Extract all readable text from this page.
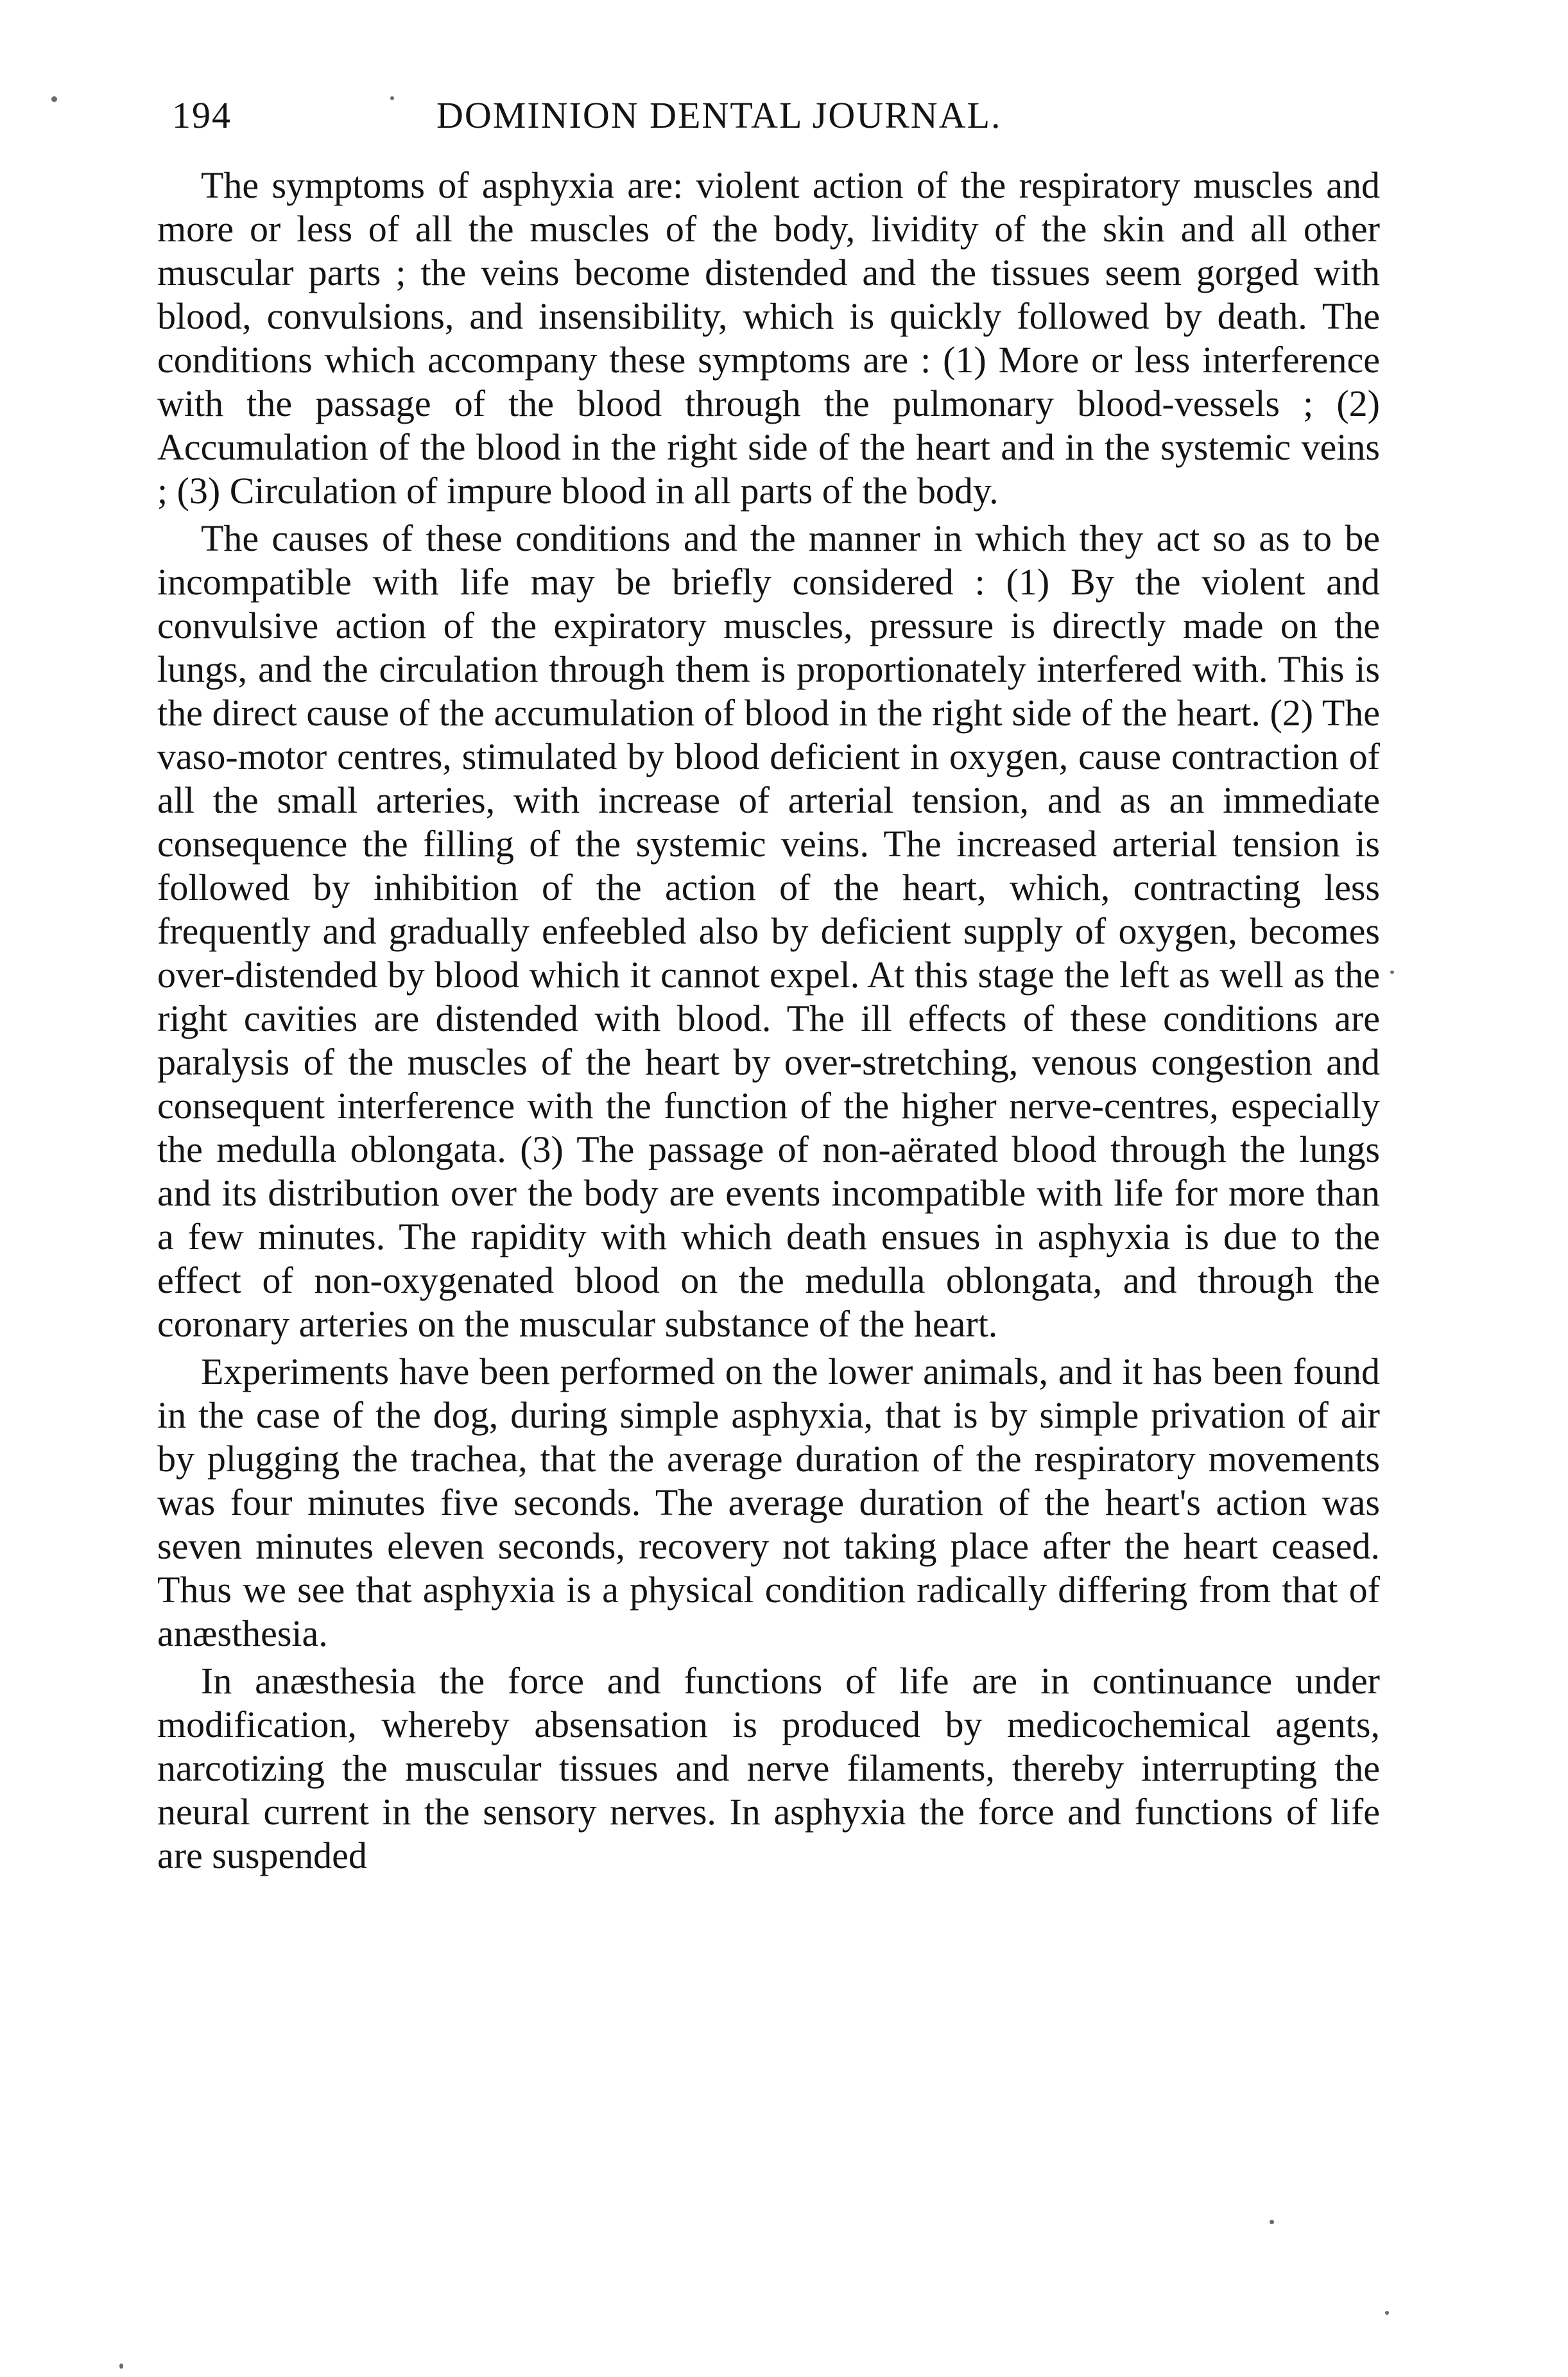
194	DOMINION DENTAL JOURNAL.

The symptoms of asphyxia are: violent action of the respiratory muscles and more or less of all the muscles of the body, lividity of the skin and all other muscular parts ; the veins become distended and the tissues seem gorged with blood, convulsions, and insensibility, which is quickly followed by death. The conditions which accompany these symptoms are : (1) More or less interference with the passage of the blood through the pulmonary blood-vessels ; (2) Accumulation of the blood in the right side of the heart and in the systemic veins ; (3) Circulation of impure blood in all parts of the body.

The causes of these conditions and the manner in which they act so as to be incompatible with life may be briefly considered : (1) By the violent and convulsive action of the expiratory muscles, pressure is directly made on the lungs, and the circulation through them is proportionately interfered with. This is the direct cause of the accumulation of blood in the right side of the heart. (2) The vaso-motor centres, stimulated by blood deficient in oxygen, cause contraction of all the small arteries, with increase of arterial tension, and as an immediate consequence the filling of the systemic veins. The increased arterial tension is followed by inhibition of the action of the heart, which, contracting less frequently and gradually enfeebled also by deficient supply of oxygen, becomes over-distended by blood which it cannot expel. At this stage the left as well as the right cavities are distended with blood. The ill effects of these conditions are paralysis of the muscles of the heart by over-stretching, venous congestion and consequent interference with the function of the higher nerve-centres, especially the medulla oblongata. (3) The passage of non-aërated blood through the lungs and its distribution over the body are events incompatible with life for more than a few minutes. The rapidity with which death ensues in asphyxia is due to the effect of non-oxygenated blood on the medulla oblongata, and through the coronary arteries on the muscular substance of the heart.

Experiments have been performed on the lower animals, and it has been found in the case of the dog, during simple asphyxia, that is by simple privation of air by plugging the trachea, that the average duration of the respiratory movements was four minutes five seconds. The average duration of the heart's action was seven minutes eleven seconds, recovery not taking place after the heart ceased. Thus we see that asphyxia is a physical condition radically differing from that of anæsthesia.

In anæsthesia the force and functions of life are in continuance under modification, whereby absensation is produced by medicochemical agents, narcotizing the muscular tissues and nerve filaments, thereby interrupting the neural current in the sensory nerves. In asphyxia the force and functions of life are suspended
